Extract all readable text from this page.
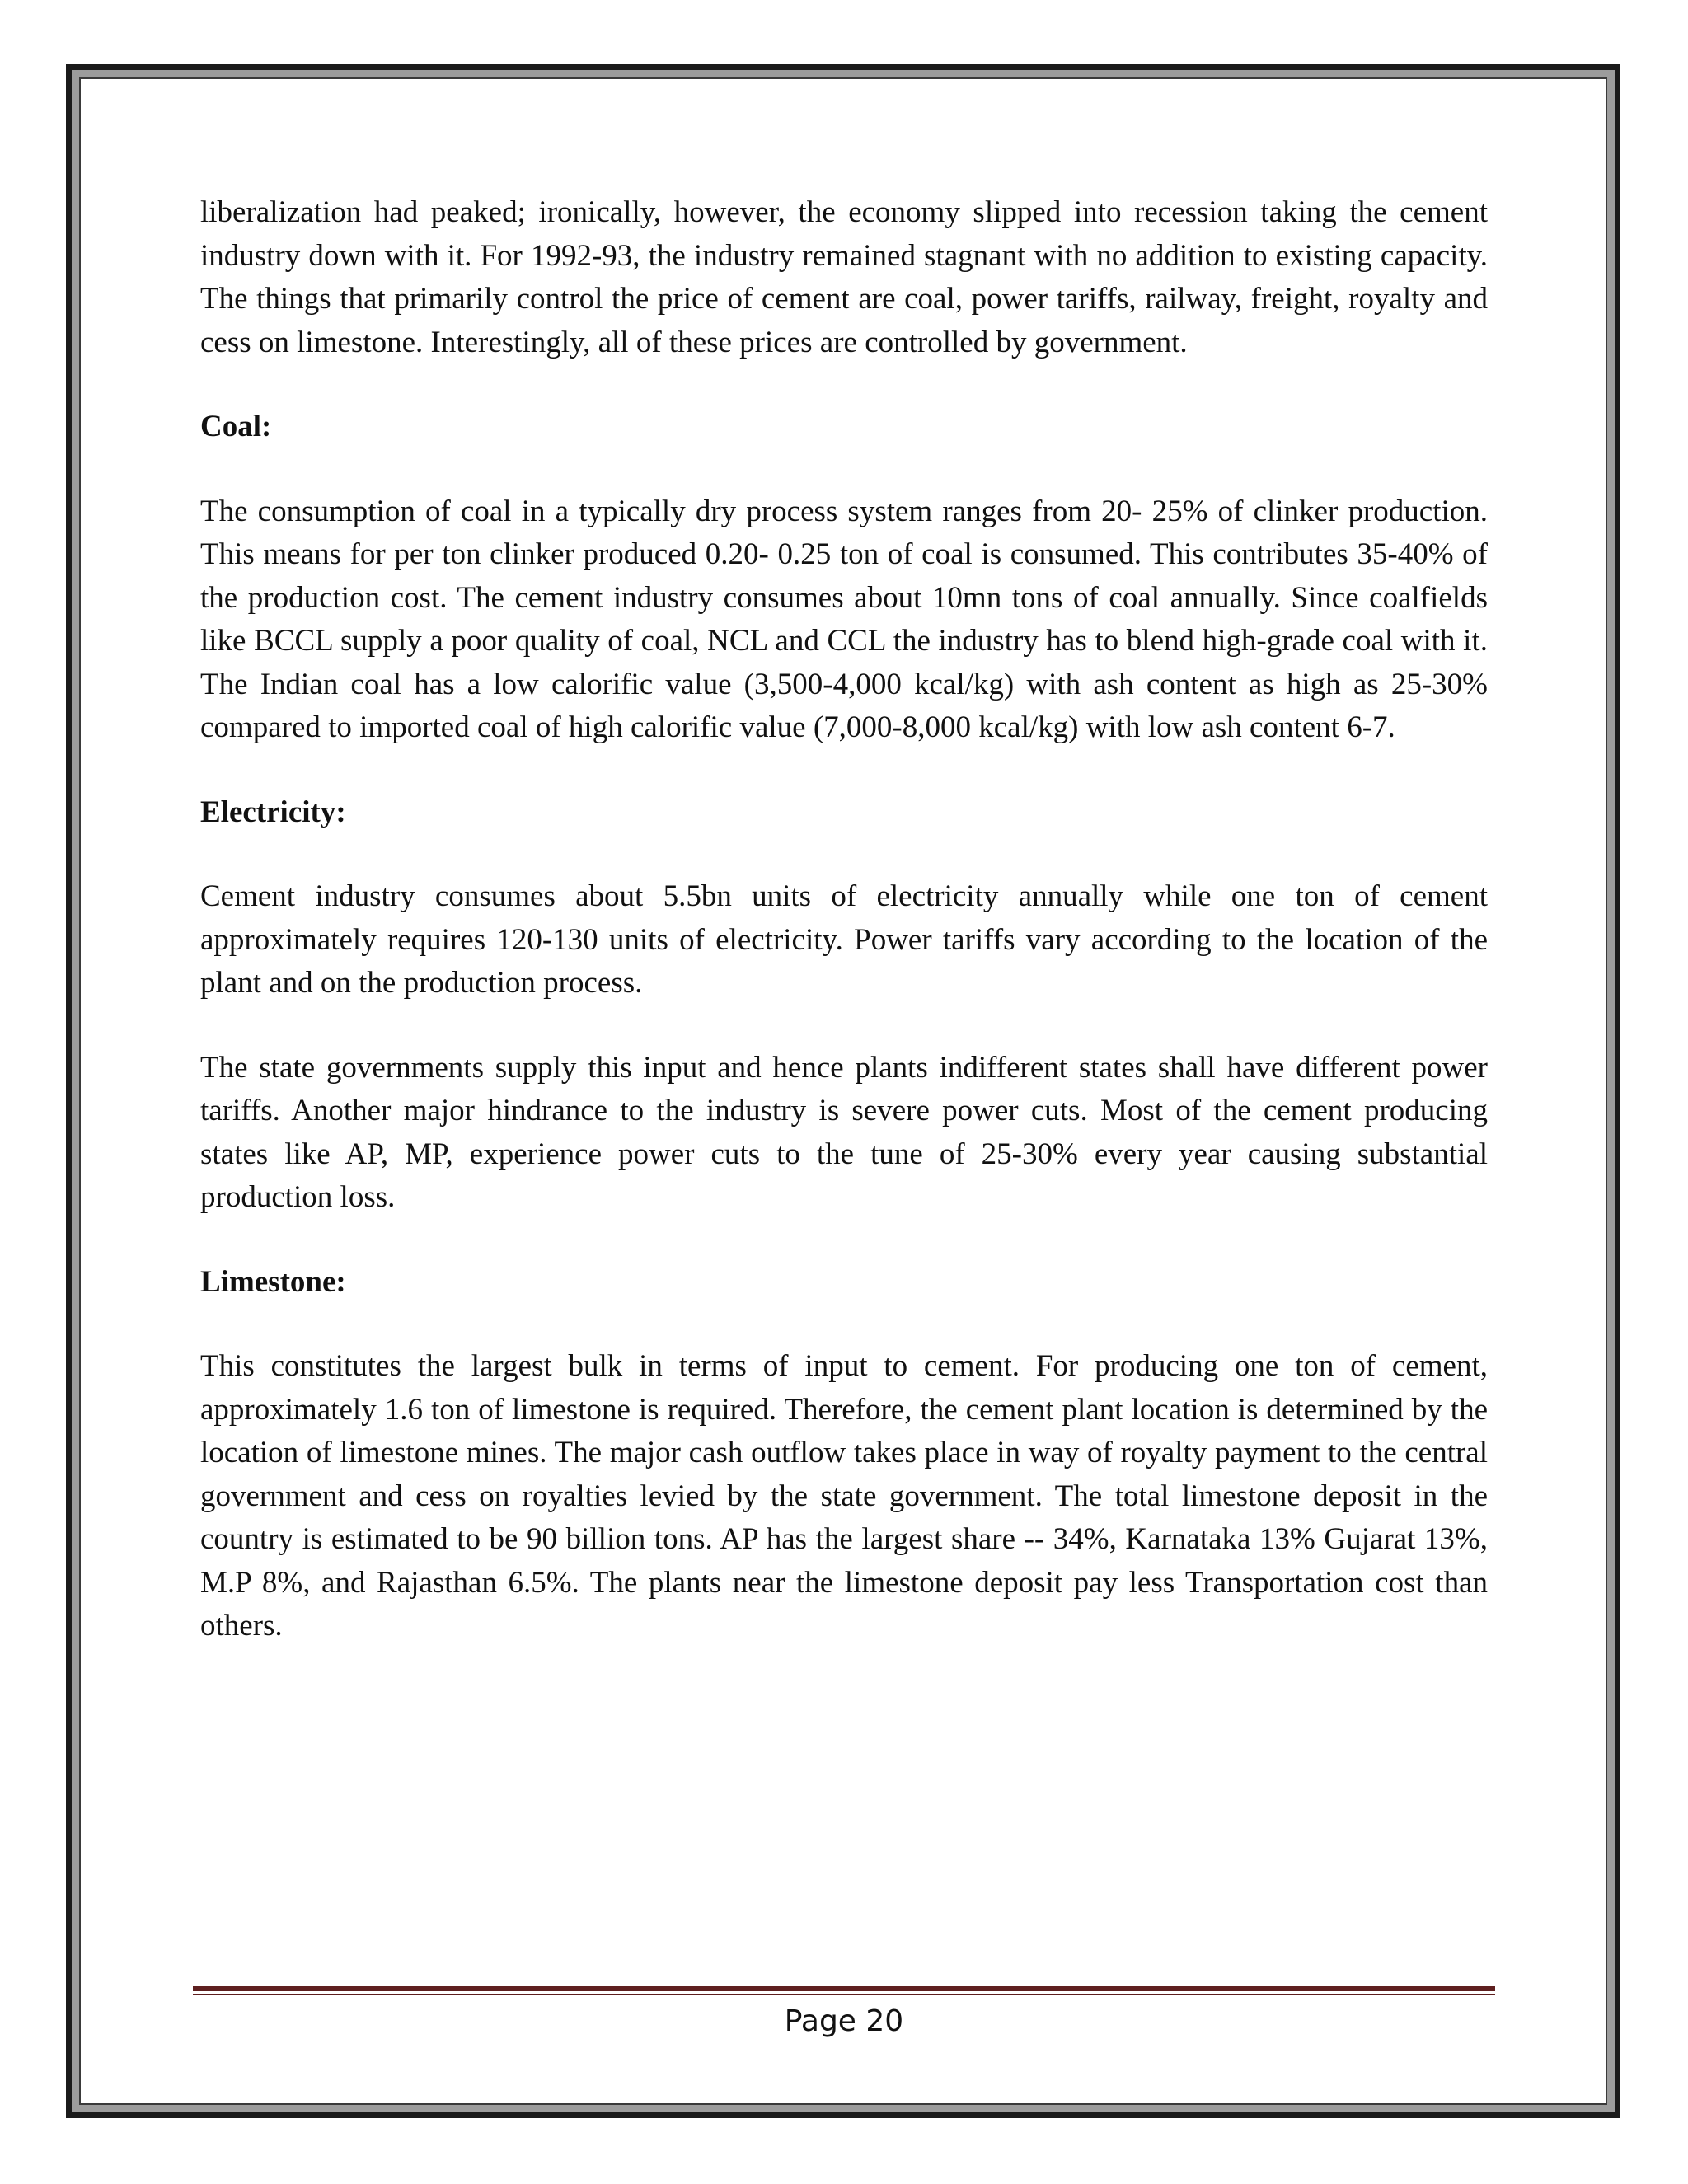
liberalization had peaked; ironically, however, the economy slipped into recession taking the cement industry down with it. For 1992-93, the industry remained stagnant with no addition to existing capacity. The things that primarily control the price of cement are coal, power tariffs, railway, freight, royalty and cess on limestone. Interestingly, all of these prices are controlled by government.

Coal:

The consumption of coal in a typically dry process system ranges from 20- 25% of clinker production. This means for per ton clinker produced 0.20- 0.25 ton of coal is consumed. This contributes 35-40% of the production cost. The cement industry consumes about 10mn tons of coal annually. Since coalfields like BCCL supply a poor quality of coal, NCL and CCL the industry has to blend high-grade coal with it. The Indian coal has a low calorific value (3,500-4,000 kcal/kg) with ash content as high as 25-30% compared to imported coal of high calorific value (7,000-8,000 kcal/kg) with low ash content 6-7.

Electricity:

Cement industry consumes about 5.5bn units of electricity annually while one ton of cement approximately requires 120-130 units of electricity. Power tariffs vary according to the location of the plant and on the production process.

The state governments supply this input and hence plants indifferent states shall have different power tariffs. Another major hindrance to the industry is severe power cuts. Most of the cement producing states like AP, MP, experience power cuts to the tune of 25-30% every year causing substantial production loss.

Limestone:

This constitutes the largest bulk in terms of input to cement. For producing one ton of cement, approximately 1.6 ton of limestone is required. Therefore, the cement plant location is determined by the location of limestone mines. The major cash outflow takes place in way of royalty payment to the central government and cess on royalties levied by the state government. The total limestone deposit in the country is estimated to be 90 billion tons. AP has the largest share -- 34%, Karnataka 13% Gujarat 13%, M.P 8%, and Rajasthan 6.5%. The plants near the limestone deposit pay less Transportation cost than others.

Page 20
